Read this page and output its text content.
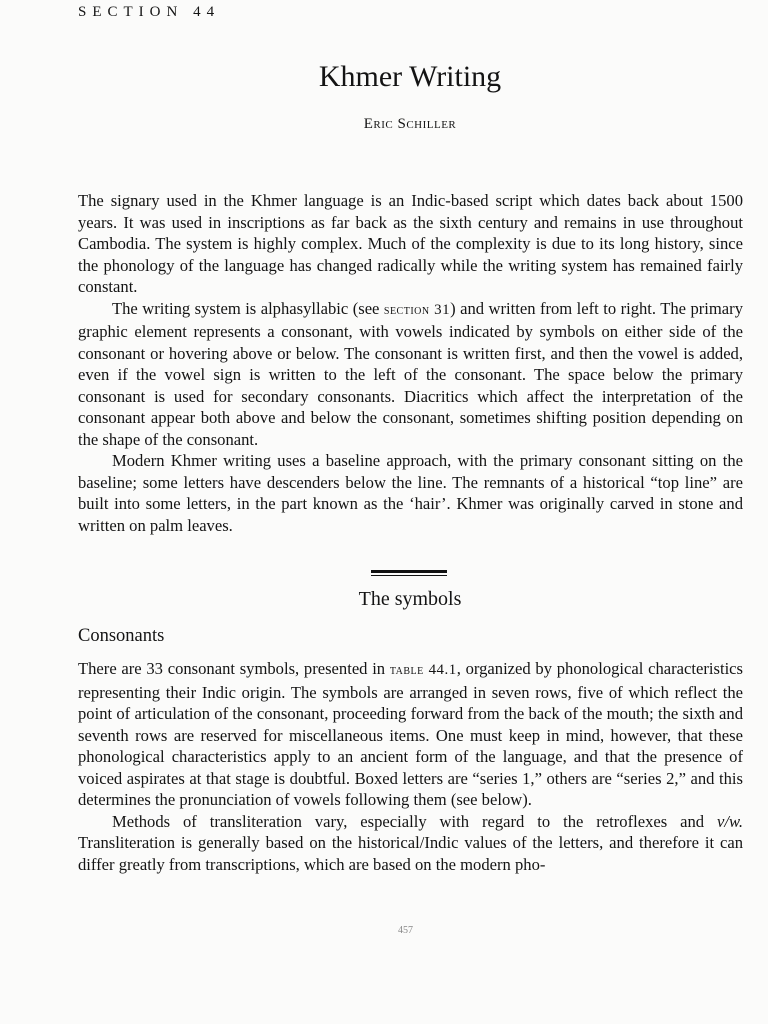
SECTION 44
Khmer Writing
Eric Schiller

The signary used in the Khmer language is an Indic-based script which dates back about 1500 years. It was used in inscriptions as far back as the sixth century and remains in use throughout Cambodia. The system is highly complex. Much of the complexity is due to its long history, since the phonology of the language has changed radically while the writing system has remained fairly constant.

The writing system is alphasyllabic (see section 31) and written from left to right. The primary graphic element represents a consonant, with vowels indicated by symbols on either side of the consonant or hovering above or below. The consonant is written first, and then the vowel is added, even if the vowel sign is written to the left of the consonant. The space below the primary consonant is used for secondary consonants. Diacritics which affect the interpretation of the consonant appear both above and below the consonant, sometimes shifting position depending on the shape of the consonant.

Modern Khmer writing uses a baseline approach, with the primary consonant sitting on the baseline; some letters have descenders below the line. The remnants of a historical “top line” are built into some letters, in the part known as the ‘hair’. Khmer was originally carved in stone and written on palm leaves.

The symbols
Consonants

There are 33 consonant symbols, presented in table 44.1, organized by phonological characteristics representing their Indic origin. The symbols are arranged in seven rows, five of which reflect the point of articulation of the consonant, proceeding forward from the back of the mouth; the sixth and seventh rows are reserved for miscellaneous items. One must keep in mind, however, that these phonological characteristics apply to an ancient form of the language, and that the presence of voiced aspirates at that stage is doubtful. Boxed letters are “series 1,” others are “series 2,” and this determines the pronunciation of vowels following them (see below).

Methods of transliteration vary, especially with regard to the retroflexes and v/w. Transliteration is generally based on the historical/Indic values of the letters, and therefore it can differ greatly from transcriptions, which are based on the modern pho-

457
